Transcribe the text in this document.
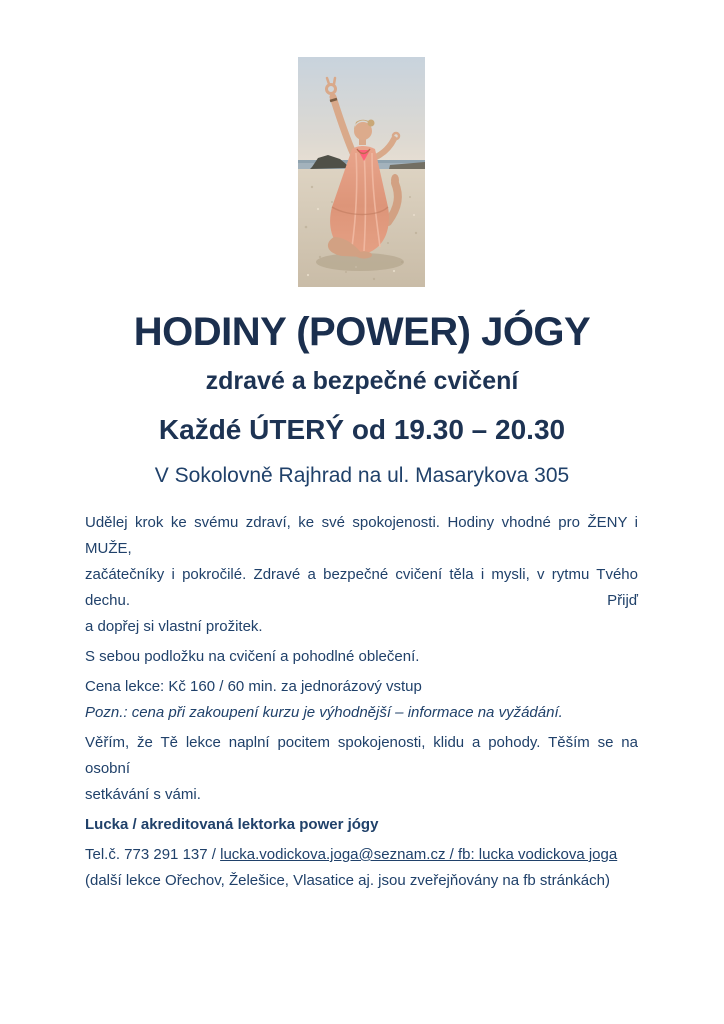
HODINY (POWER) JÓGY
zdravé a bezpečné cvičení
Každé ÚTERÝ od 19.30 – 20.30
V Sokolovně Rajhrad na ul. Masarykova 305
Udělej krok ke svému zdraví, ke své spokojenosti. Hodiny vhodné pro ŽENY i MUŽE,
začátečníky i pokročilé. Zdravé a bezpečné cvičení těla i mysli, v rytmu Tvého dechu. Přijď
a dopřej si vlastní prožitek.
S sebou podložku na cvičení a pohodlné oblečení.
Cena lekce: Kč 160 / 60 min. za jednorázový vstup
Pozn.: cena při zakoupení kurzu je výhodnější – informace na vyžádání.
Věřím, že Tě lekce naplní pocitem spokojenosti, klidu a pohody. Těším se na osobní
setkávání s vámi.
Lucka / akreditovaná lektorka power jógy
Tel.č. 773 291 137 / lucka.vodickova.joga@seznam.cz / fb: lucka vodickova joga
(další lekce Ořechov, Želešice, Vlasatice aj. jsou zveřejňovány na fb stránkách)
